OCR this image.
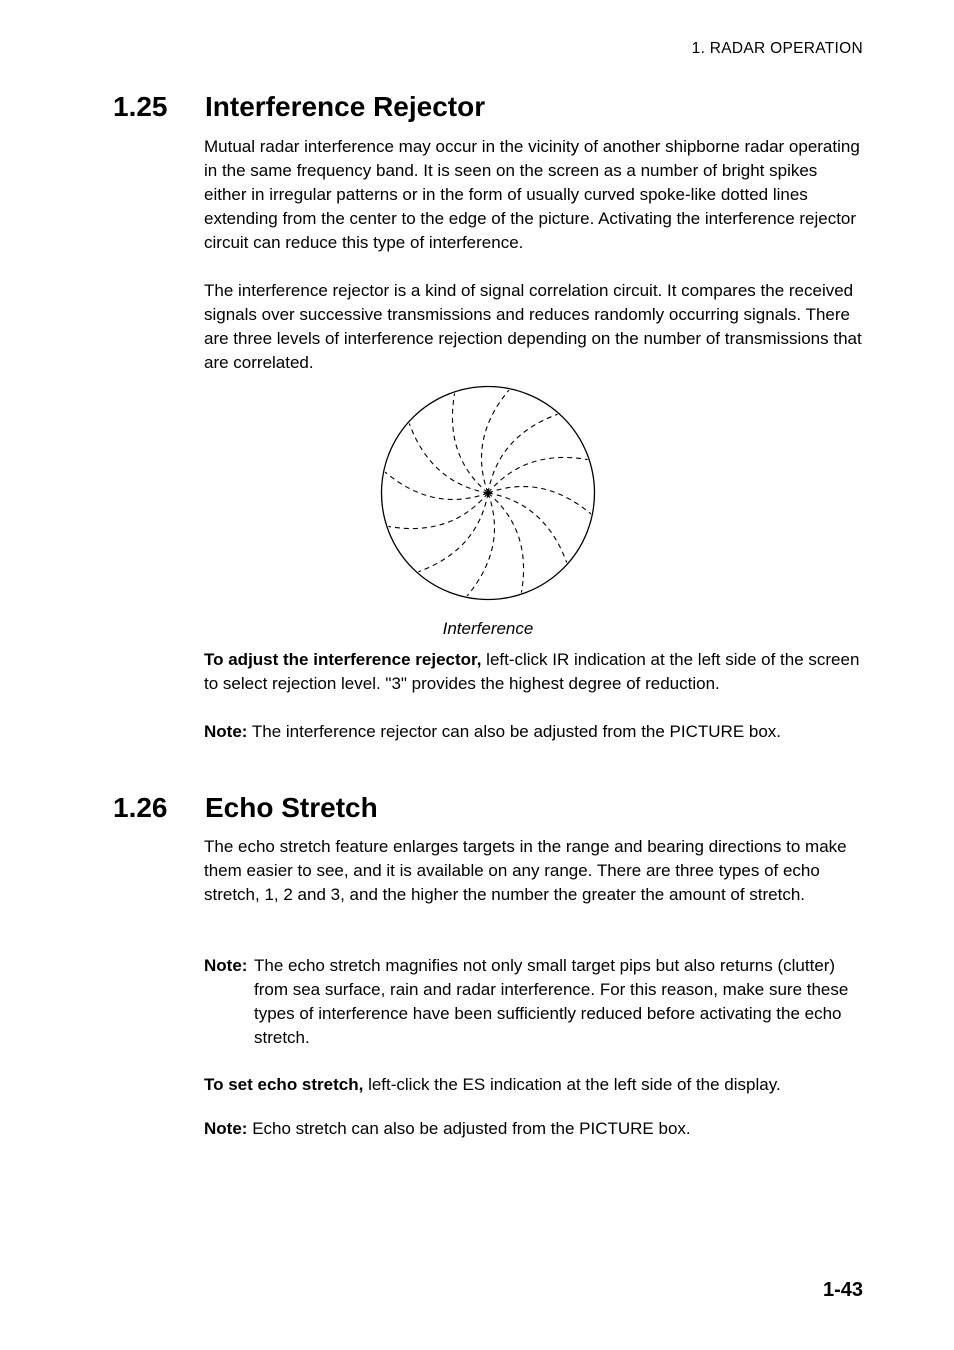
1. RADAR OPERATION
1.25 Interference Rejector

Mutual radar interference may occur in the vicinity of another shipborne radar operating in the same frequency band. It is seen on the screen as a number of bright spikes either in irregular patterns or in the form of usually curved spoke-like dotted lines extending from the center to the edge of the picture. Activating the interference rejector circuit can reduce this type of interference.

The interference rejector is a kind of signal correlation circuit. It compares the received signals over successive transmissions and reduces randomly occurring signals. There are three levels of interference rejection depending on the number of transmissions that are correlated.

Interference

To adjust the interference rejector, left-click IR indication at the left side of the screen to select rejection level. "3" provides the highest degree of reduction.

Note: The interference rejector can also be adjusted from the PICTURE box.

1.26 Echo Stretch

The echo stretch feature enlarges targets in the range and bearing directions to make them easier to see, and it is available on any range. There are three types of echo stretch, 1, 2 and 3, and the higher the number the greater the amount of stretch.

Note: The echo stretch magnifies not only small target pips but also returns (clutter) from sea surface, rain and radar interference. For this reason, make sure these types of interference have been sufficiently reduced before activating the echo stretch.

To set echo stretch, left-click the ES indication at the left side of the display.

Note: Echo stretch can also be adjusted from the PICTURE box.

1-43
